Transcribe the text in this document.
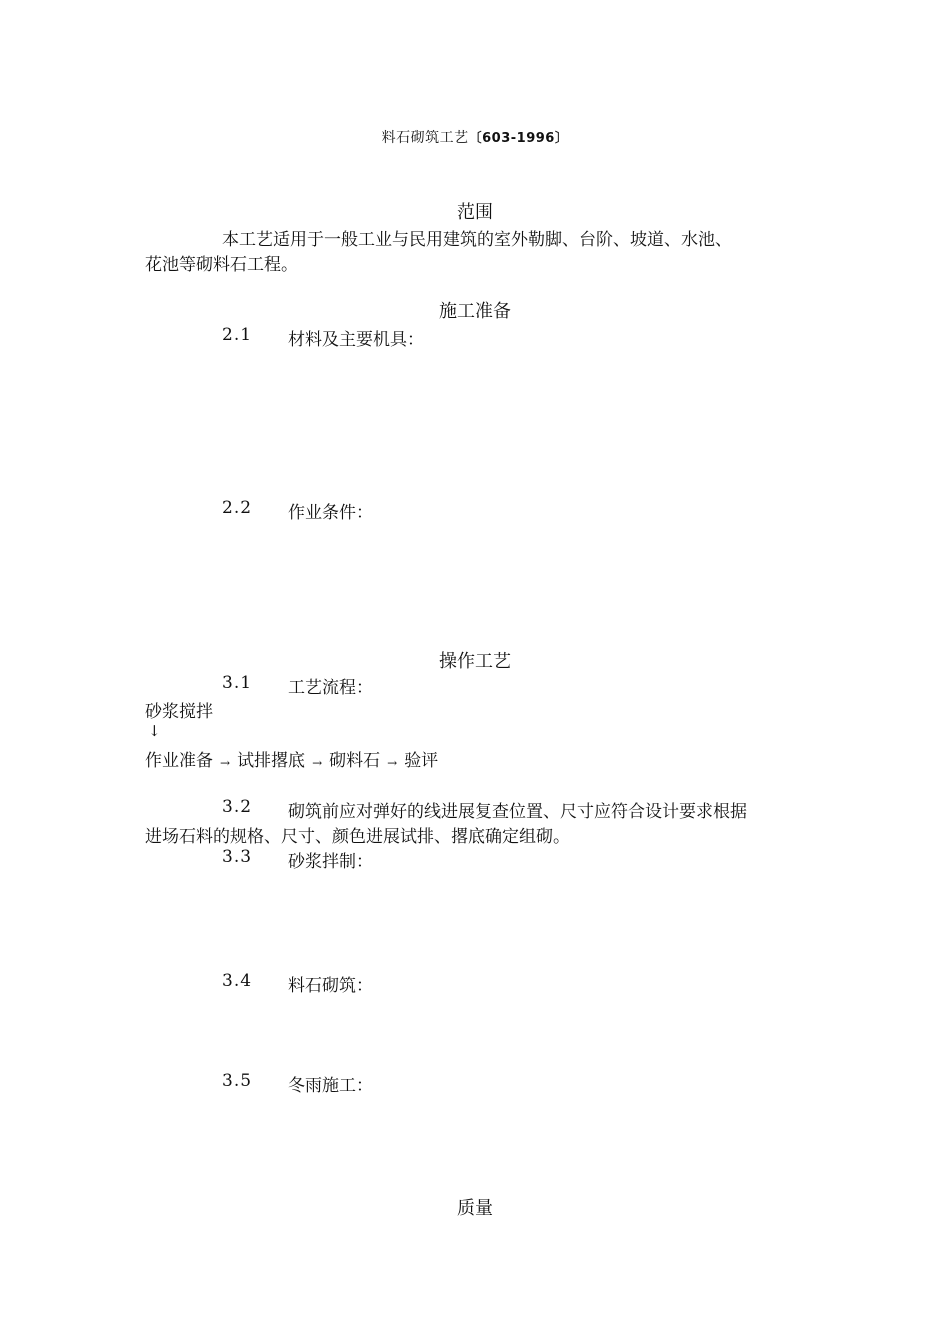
料石砌筑工艺〔603-1996〕
范围
本工艺适用于一般工业与民用建筑的室外勒脚、台阶、坡道、水池、
花池等砌料石工程。
施工准备
2.1 材料及主要机具：
2.2 作业条件：
操作工艺
3.1 工艺流程：
砂浆搅拌
↓
作业准备 → 试排撂底 → 砌料石 → 验评
3.2 砌筑前应对弹好的线进展复查位置、尺寸应符合设计要求根据
进场石料的规格、尺寸、颜色进展试排、撂底确定组砌。
3.3 砂浆拌制：
3.4 料石砌筑：
3.5 冬雨施工：
质量
